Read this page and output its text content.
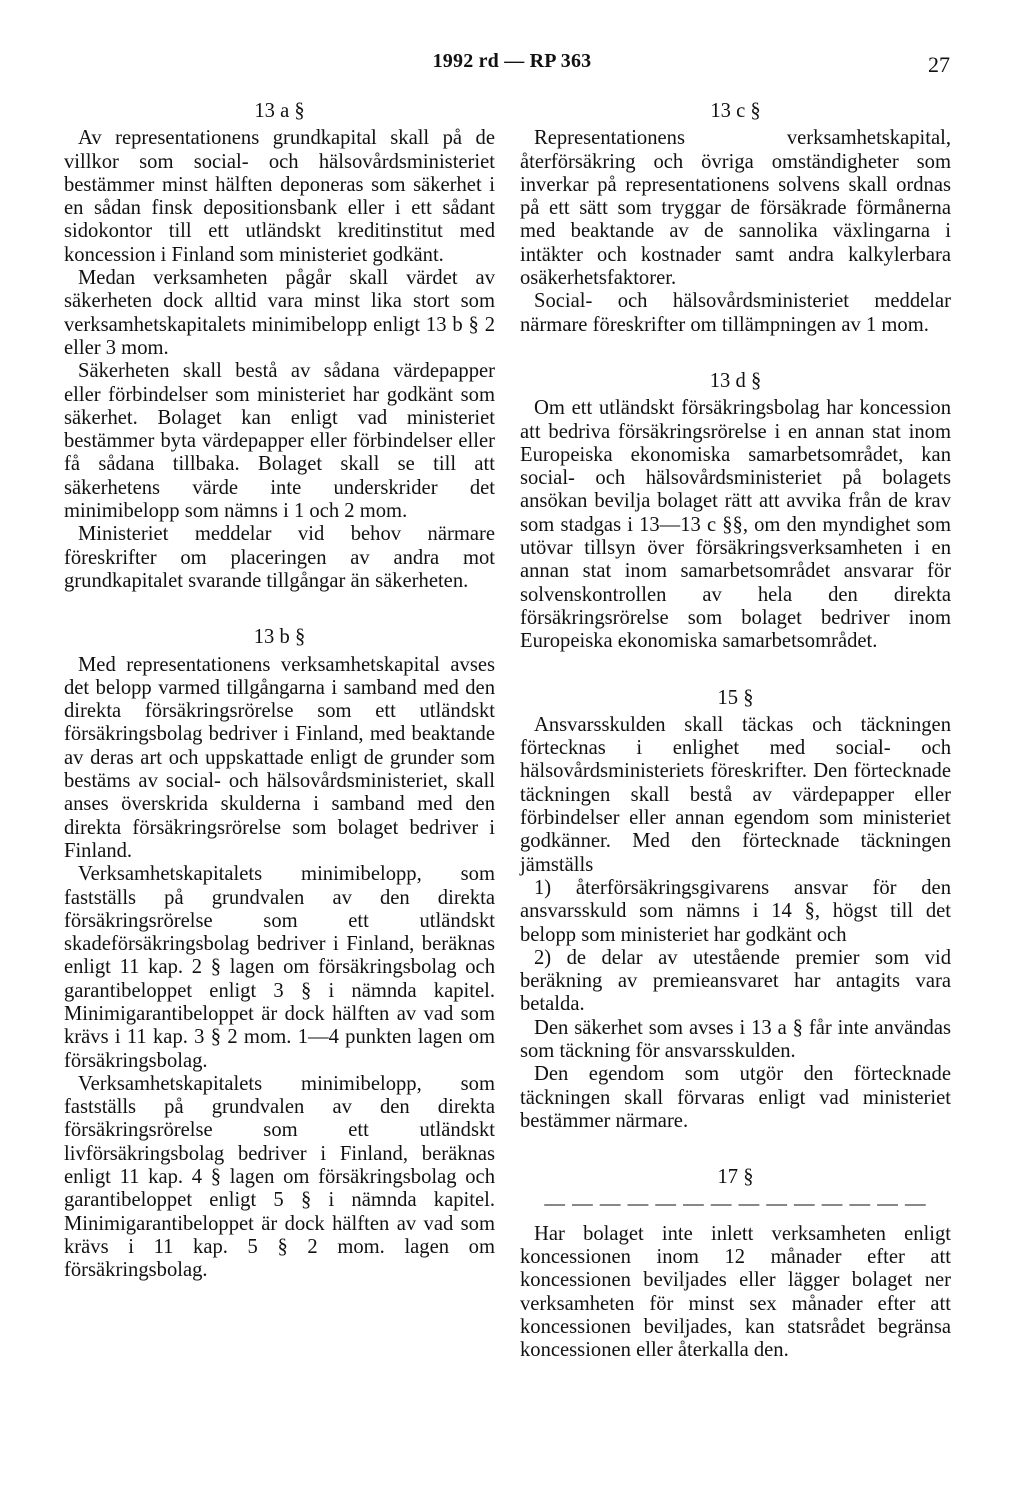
1992 rd — RP 363	27
13 a §

Av representationens grundkapital skall på de villkor som social- och hälsovårdsministeriet bestämmer minst hälften deponeras som säkerhet i en sådan finsk depositionsbank eller i ett sådant sidokontor till ett utländskt kreditinstitut med koncession i Finland som ministeriet godkänt.

Medan verksamheten pågår skall värdet av säkerheten dock alltid vara minst lika stort som verksamhetskapitalets minimibelopp enligt 13 b § 2 eller 3 mom.

Säkerheten skall bestå av sådana värdepapper eller förbindelser som ministeriet har godkänt som säkerhet. Bolaget kan enligt vad ministeriet bestämmer byta värdepapper eller förbindelser eller få sådana tillbaka. Bolaget skall se till att säkerhetens värde inte underskrider det minimibelopp som nämns i 1 och 2 mom.

Ministeriet meddelar vid behov närmare föreskrifter om placeringen av andra mot grundkapitalet svarande tillgångar än säkerheten.

13 b §

Med representationens verksamhetskapital avses det belopp varmed tillgångarna i samband med den direkta försäkringsrörelse som ett utländskt försäkringsbolag bedriver i Finland, med beaktande av deras art och uppskattade enligt de grunder som bestäms av social- och hälsovårdsministeriet, skall anses överskrida skulderna i samband med den direkta försäkringsrörelse som bolaget bedriver i Finland.

Verksamhetskapitalets minimibelopp, som fastställs på grundvalen av den direkta försäkringsrörelse som ett utländskt skadeförsäkringsbolag bedriver i Finland, beräknas enligt 11 kap. 2 § lagen om försäkringsbolag och garantibeloppet enligt 3 § i nämnda kapitel. Minimigarantibeloppet är dock hälften av vad som krävs i 11 kap. 3 § 2 mom. 1—4 punkten lagen om försäkringsbolag.

Verksamhetskapitalets minimibelopp, som fastställs på grundvalen av den direkta försäkringsrörelse som ett utländskt livförsäkringsbolag bedriver i Finland, beräknas enligt 11 kap. 4 § lagen om försäkringsbolag och garantibeloppet enligt 5 § i nämnda kapitel. Minimigarantibeloppet är dock hälften av vad som krävs i 11 kap. 5 § 2 mom. lagen om försäkringsbolag.

13 c §

Representationens verksamhetskapital, återförsäkring och övriga omständigheter som inverkar på representationens solvens skall ordnas på ett sätt som tryggar de försäkrade förmånerna med beaktande av de sannolika växlingarna i intäkter och kostnader samt andra kalkylerbara osäkerhetsfaktorer.

Social- och hälsovårdsministeriet meddelar närmare föreskrifter om tillämpningen av 1 mom.

13 d §

Om ett utländskt försäkringsbolag har koncession att bedriva försäkringsrörelse i en annan stat inom Europeiska ekonomiska samarbetsområdet, kan social- och hälsovårdsministeriet på bolagets ansökan bevilja bolaget rätt att avvika från de krav som stadgas i 13—13 c §§, om den myndighet som utövar tillsyn över försäkringsverksamheten i en annan stat inom samarbetsområdet ansvarar för solvenskontrollen av hela den direkta försäkringsrörelse som bolaget bedriver inom Europeiska ekonomiska samarbetsområdet.

15 §

Ansvarsskulden skall täckas och täckningen förtecknas i enlighet med social- och hälsovårdsministeriets föreskrifter. Den förtecknade täckningen skall bestå av värdepapper eller förbindelser eller annan egendom som ministeriet godkänner. Med den förtecknade täckningen jämställs

1) återförsäkringsgivarens ansvar för den ansvarsskuld som nämns i 14 §, högst till det belopp som ministeriet har godkänt och

2) de delar av utestående premier som vid beräkning av premieansvaret har antagits vara betalda.

Den säkerhet som avses i 13 a § får inte användas som täckning för ansvarsskulden.

Den egendom som utgör den förtecknade täckningen skall förvaras enligt vad ministeriet bestämmer närmare.

17 §
— — — — — — — — — — — — — —

Har bolaget inte inlett verksamheten enligt koncessionen inom 12 månader efter att koncessionen beviljades eller lägger bolaget ner verksamheten för minst sex månader efter att koncessionen beviljades, kan statsrådet begränsa koncessionen eller återkalla den.
